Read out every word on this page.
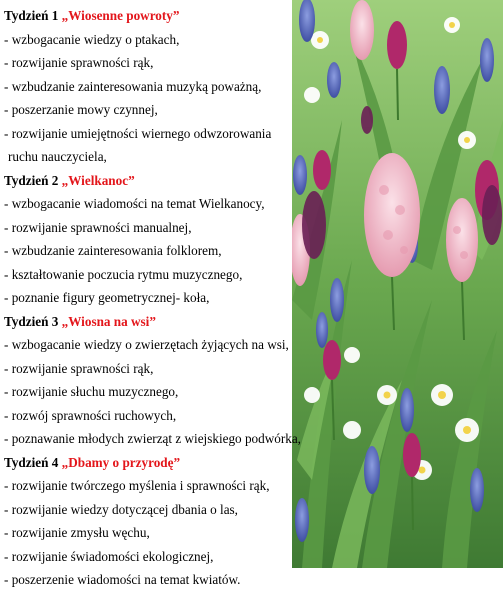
Tydzień 1 „Wiosenne powroty”
- wzbogacanie wiedzy o ptakach,
- rozwijanie sprawności rąk,
- wzbudzanie zainteresowania muzyką poważną,
- poszerzanie mowy czynnej,
- rozwijanie umiejętności wiernego odwzorowania
ruchu nauczyciela,
Tydzień 2 „Wielkanoc”
- wzbogacanie wiadomości na temat Wielkanocy,
- rozwijanie sprawności manualnej,
- wzbudzanie zainteresowania folklorem,
- kształtowanie poczucia rytmu muzycznego,
- poznanie figury geometrycznej- koła,
Tydzień 3 „Wiosna na wsi”
- wzbogacanie wiedzy o zwierzętach żyjących na wsi,
- rozwijanie sprawności rąk,
- rozwijanie słuchu muzycznego,
- rozwój sprawności ruchowych,
- poznawanie młodych zwierząt z wiejskiego podwórka,
Tydzień 4 „Dbamy o przyrodę”
- rozwijanie twórczego myślenia i sprawności rąk,
- rozwijanie wiedzy dotyczącej dbania o las,
- rozwijanie zmysłu węchu,
- rozwijanie świadomości ekologicznej,
- poszerzenie wiadomości na temat kwiatów.
